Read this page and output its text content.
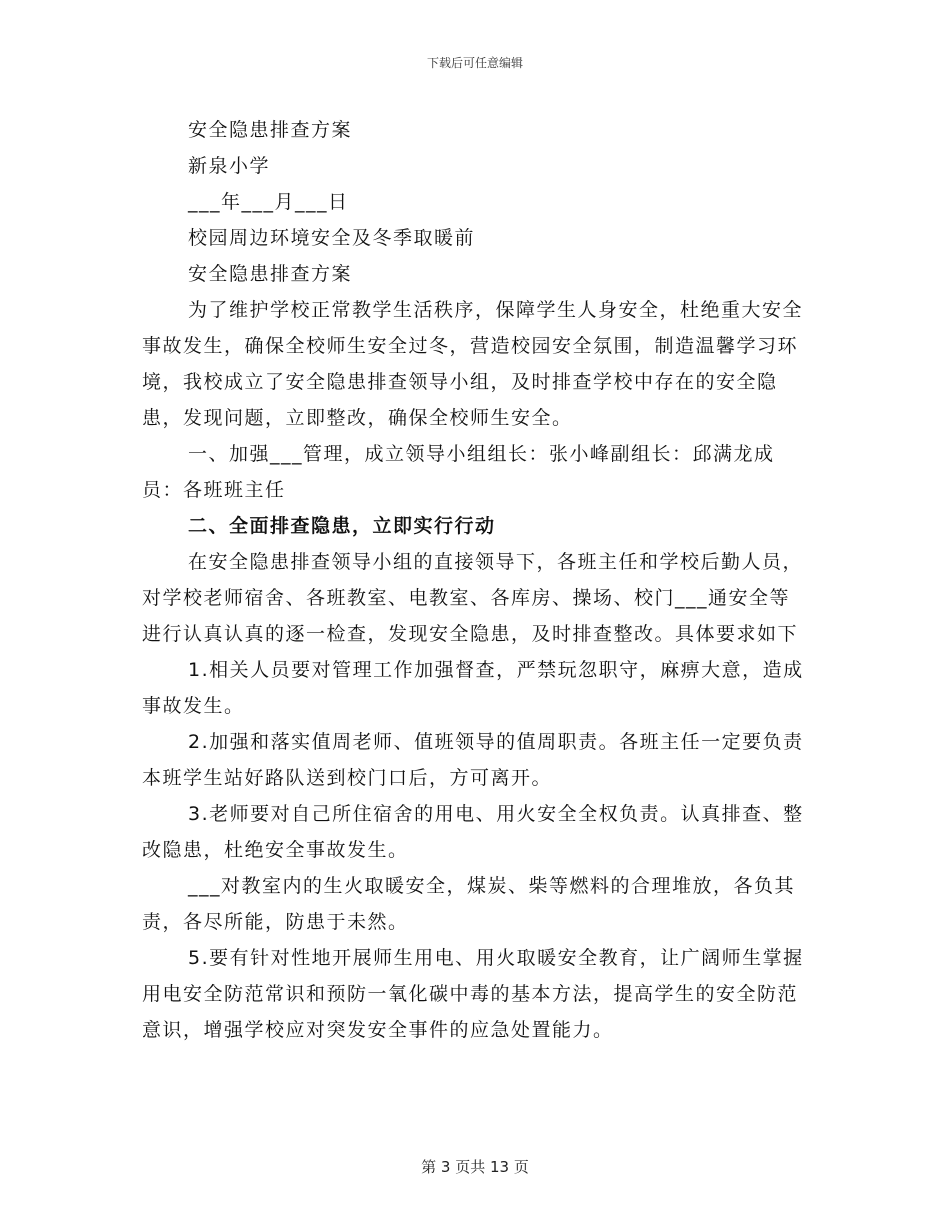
下载后可任意编辑

安全隐患排查方案

新泉小学

___年___月___日

校园周边环境安全及冬季取暖前

安全隐患排查方案

为了维护学校正常教学生活秩序，保障学生人身安全，杜绝重大安全事故发生，确保全校师生安全过冬，营造校园安全氛围，制造温馨学习环境，我校成立了安全隐患排查领导小组，及时排查学校中存在的安全隐患，发现问题，立即整改，确保全校师生安全。

一、加强___管理，成立领导小组组长：张小峰副组长：邱满龙成员：各班班主任

二、全面排查隐患，立即实行行动

在安全隐患排查领导小组的直接领导下，各班主任和学校后勤人员，对学校老师宿舍、各班教室、电教室、各库房、操场、校门___通安全等进行认真认真的逐一检查，发现安全隐患，及时排查整改。具体要求如下

1.相关人员要对管理工作加强督查，严禁玩忽职守，麻痹大意，造成事故发生。

2.加强和落实值周老师、值班领导的值周职责。各班主任一定要负责本班学生站好路队送到校门口后，方可离开。

3.老师要对自己所住宿舍的用电、用火安全全权负责。认真排查、整改隐患，杜绝安全事故发生。

___对教室内的生火取暖安全，煤炭、柴等燃料的合理堆放，各负其责，各尽所能，防患于未然。

5.要有针对性地开展师生用电、用火取暖安全教育，让广阔师生掌握用电安全防范常识和预防一氧化碳中毒的基本方法，提高学生的安全防范意识，增强学校应对突发安全事件的应急处置能力。

第 3 页共 13 页
